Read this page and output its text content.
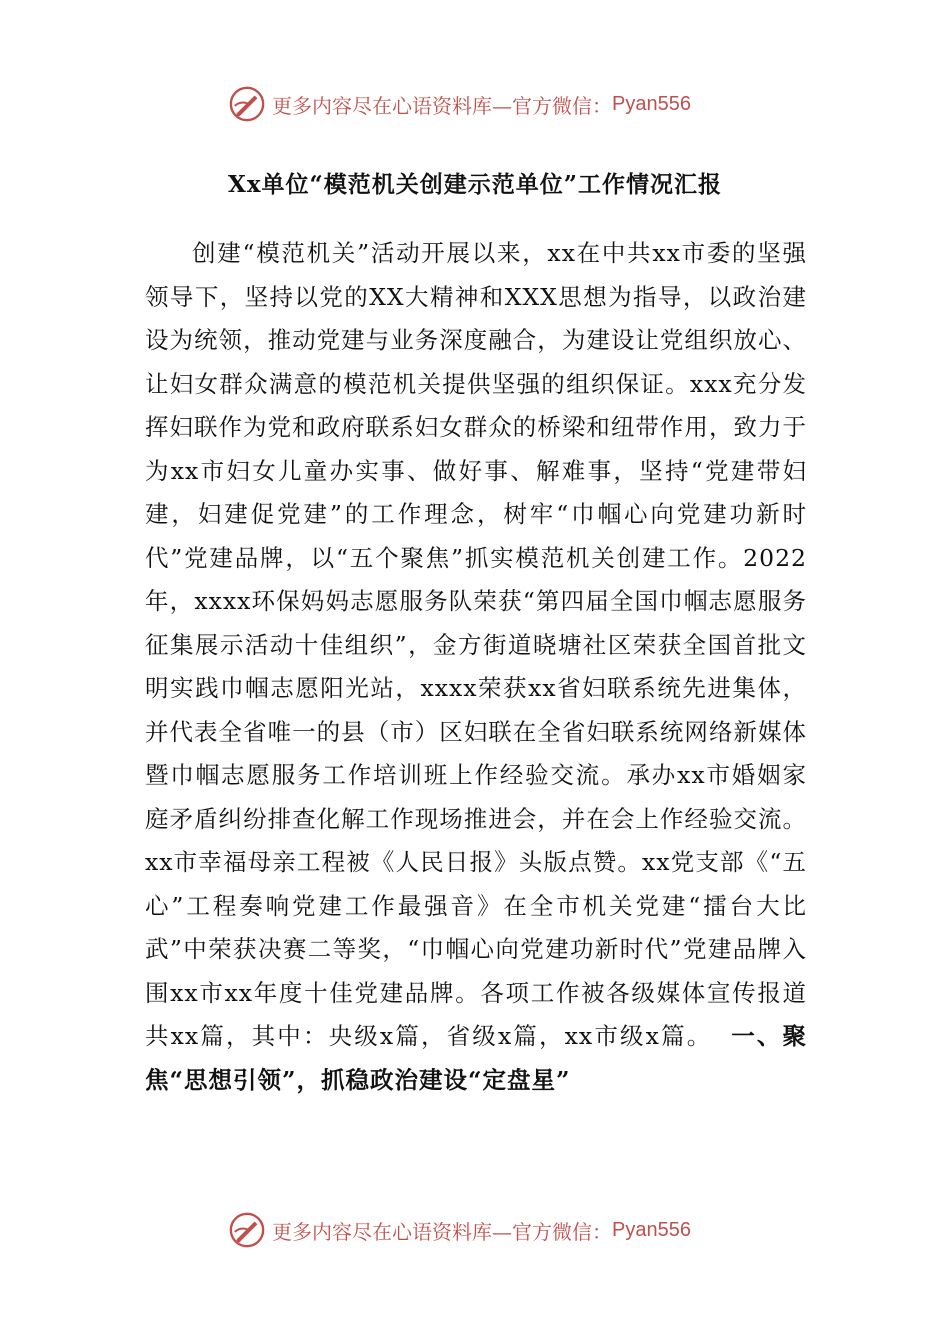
更多内容尽在心语资料库—官方微信： Pyan556
Xx单位“模范机关创建示范单位”工作情况汇报

创建“模范机关”活动开展以来，xx在中共xx市委的坚强领导下，坚持以党的XX大精神和XXX思想为指导，以政治建设为统领，推动党建与业务深度融合，为建设让党组织放心、让妇女群众满意的模范机关提供坚强的组织保证。xxx充分发挥妇联作为党和政府联系妇女群众的桥梁和纽带作用，致力于为xx市妇女儿童办实事、做好事、解难事，坚持“党建带妇建，妇建促党建”的工作理念，树牢“巾帼心向党建功新时代”党建品牌，以“五个聚焦”抓实模范机关创建工作。2022年，xxxx环保妈妈志愿服务队荣获“第四届全国巾帼志愿服务征集展示活动十佳组织”，金方街道晓塘社区荣获全国首批文明实践巾帼志愿阳光站，xxxx荣获xx省妇联系统先进集体，并代表全省唯一的县（市）区妇联在全省妇联系统网络新媒体暨巾帼志愿服务工作培训班上作经验交流。承办xx市婚姻家庭矛盾纠纷排查化解工作现场推进会，并在会上作经验交流。xx市幸福母亲工程被《人民日报》头版点赞。xx党支部《“五心”工程奏响党建工作最强音》在全市机关党建“擂台大比武”中荣获决赛二等奖，“巾帼心向党建功新时代”党建品牌入围xx市xx年度十佳党建品牌。各项工作被各级媒体宣传报道共xx篇，其中：央级x篇，省级x篇，xx市级x篇。 一、聚焦“思想引领”，抓稳政治建设“定盘星”

更多内容尽在心语资料库—官方微信： Pyan556
